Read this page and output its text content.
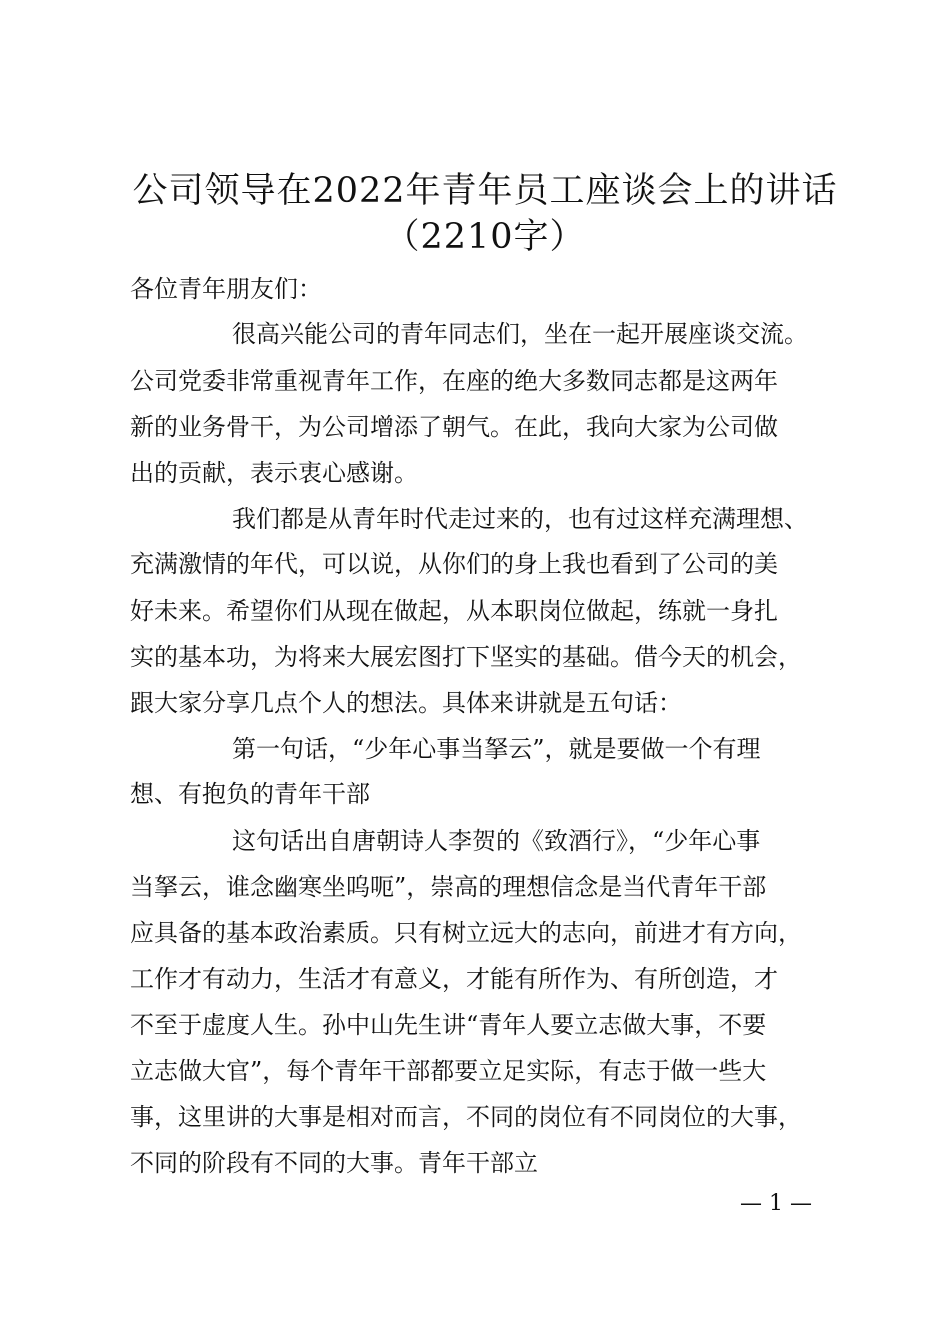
公司领导在2022年青年员工座谈会上的讲话
（2210字）
各位青年朋友们：
很高兴能公司的青年同志们，坐在一起开展座谈交流。
公司党委非常重视青年工作，在座的绝大多数同志都是这两年
新的业务骨干，为公司增添了朝气。在此，我向大家为公司做
出的贡献，表示衷心感谢。
我们都是从青年时代走过来的，也有过这样充满理想、
充满激情的年代，可以说，从你们的身上我也看到了公司的美
好未来。希望你们从现在做起，从本职岗位做起，练就一身扎
实的基本功，为将来大展宏图打下坚实的基础。借今天的机会，
跟大家分享几点个人的想法。具体来讲就是五句话：
第一句话，“少年心事当拏云”，就是要做一个有理
想、有抱负的青年干部
这句话出自唐朝诗人李贺的《致酒行》，“少年心事
当拏云，谁念幽寒坐呜呃”，崇高的理想信念是当代青年干部
应具备的基本政治素质。只有树立远大的志向，前进才有方向，
工作才有动力，生活才有意义，才能有所作为、有所创造，才
不至于虚度人生。孙中山先生讲“青年人要立志做大事，不要
立志做大官”，每个青年干部都要立足实际，有志于做一些大
事，这里讲的大事是相对而言，不同的岗位有不同岗位的大事，
不同的阶段有不同的大事。青年干部立
— 1 —
